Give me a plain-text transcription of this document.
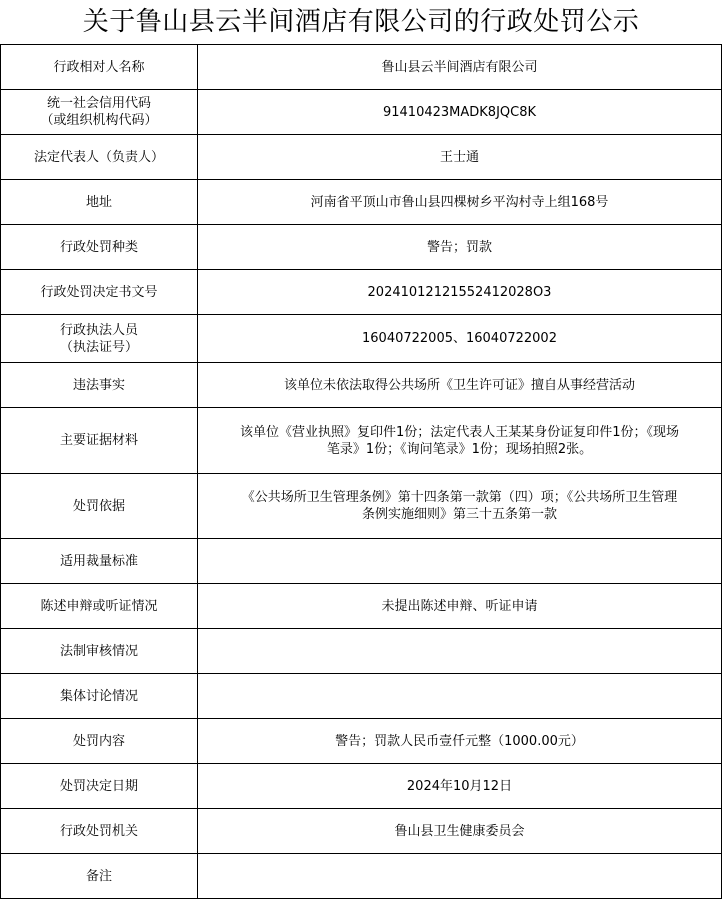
关于鲁山县云半间酒店有限公司的行政处罚公示
行政相对人名称	鲁山县云半间酒店有限公司

统一社会信用代码
（或组织机构代码）	91410423MADK8JQC8K
法定代表人（负责人）	王士通
地址	河南省平顶山市鲁山县四棵树乡平沟村寺上组168号
行政处罚种类	警告；罚款
行政处罚决定书文号	20241012121552412028O3

行政执法人员
（执法证号）	16040722005、16040722002
违法事实	该单位未依法取得公共场所《卫生许可证》擅自从事经营活动
主要证据材料	该单位《营业执照》复印件1份；法定代表人王某某身份证复印件1份；《现场
笔录》1份；《询问笔录》1份；现场拍照2张。

处罚依据	《公共场所卫生管理条例》第十四条第一款第（四）项；《公共场所卫生管理
条例实施细则》第三十五条第一款

适用裁量标准	
陈述申辩或听证情况	未提出陈述申辩、听证申请
法制审核情况	
集体讨论情况	
处罚内容	警告；罚款人民币壹仟元整（1000.00元）
处罚决定日期	2024年10月12日
行政处罚机关	鲁山县卫生健康委员会
备注	
